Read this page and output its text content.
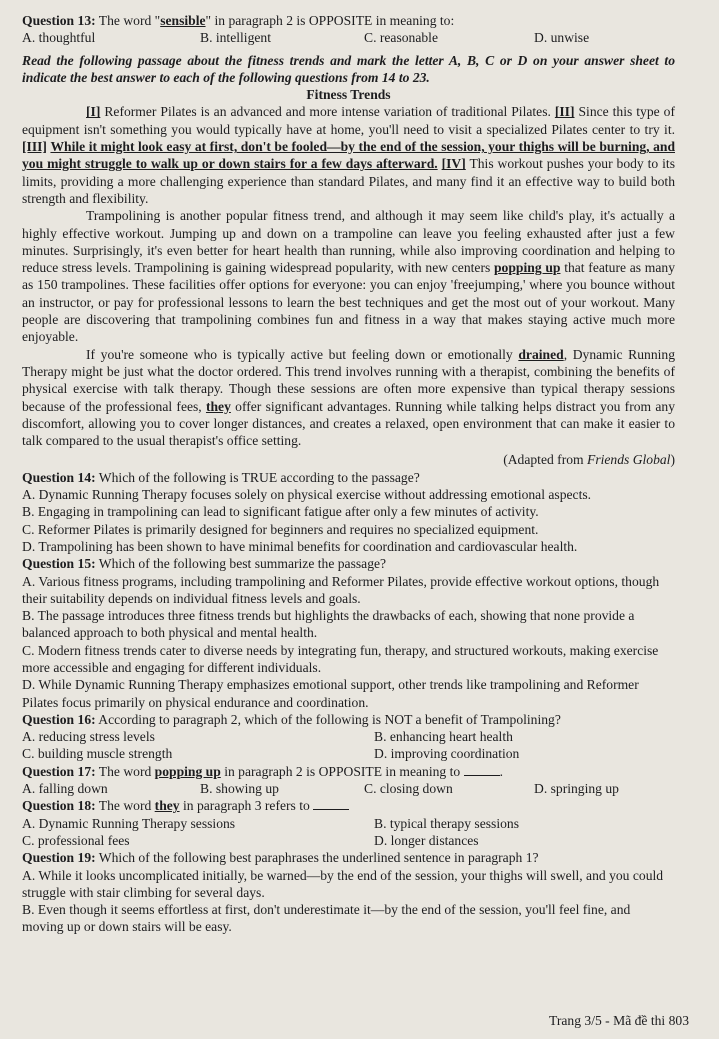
Question 13: The word "sensible" in paragraph 2 is OPPOSITE in meaning to:
A. thoughtful	B. intelligent	C. reasonable	D. unwise
Read the following passage about the fitness trends and mark the letter A, B, C or D on your answer sheet to indicate the best answer to each of the following questions from 14 to 23.
Fitness Trends

[I] Reformer Pilates is an advanced and more intense variation of traditional Pilates. [II] Since this type of equipment isn't something you would typically have at home, you'll need to visit a specialized Pilates center to try it. [III] While it might look easy at first, don't be fooled—by the end of the session, your thighs will be burning, and you might struggle to walk up or down stairs for a few days afterward. [IV] This workout pushes your body to its limits, providing a more challenging experience than standard Pilates, and many find it an effective way to build both strength and flexibility.

Trampolining is another popular fitness trend, and although it may seem like child's play, it's actually a highly effective workout. Jumping up and down on a trampoline can leave you feeling exhausted after just a few minutes. Surprisingly, it's even better for heart health than running, while also improving coordination and helping to reduce stress levels. Trampolining is gaining widespread popularity, with new centers popping up that feature as many as 150 trampolines. These facilities offer options for everyone: you can enjoy 'freejumping,' where you bounce without an instructor, or pay for professional lessons to learn the best techniques and get the most out of your workout. Many people are discovering that trampolining combines fun and fitness in a way that makes staying active much more enjoyable.

If you're someone who is typically active but feeling down or emotionally drained, Dynamic Running Therapy might be just what the doctor ordered. This trend involves running with a therapist, combining the benefits of physical exercise with talk therapy. Though these sessions are often more expensive than typical therapy sessions because of the professional fees, they offer significant advantages. Running while talking helps distract you from any discomfort, allowing you to cover longer distances, and creates a relaxed, open environment that can make it easier to talk compared to the usual therapist's office setting.

(Adapted from Friends Global)
Question 14: Which of the following is TRUE according to the passage?
A. Dynamic Running Therapy focuses solely on physical exercise without addressing emotional aspects.
B. Engaging in trampolining can lead to significant fatigue after only a few minutes of activity.
C. Reformer Pilates is primarily designed for beginners and requires no specialized equipment.
D. Trampolining has been shown to have minimal benefits for coordination and cardiovascular health.
Question 15: Which of the following best summarize the passage?
A. Various fitness programs, including trampolining and Reformer Pilates, provide effective workout options, though their suitability depends on individual fitness levels and goals.
B. The passage introduces three fitness trends but highlights the drawbacks of each, showing that none provide a balanced approach to both physical and mental health.
C. Modern fitness trends cater to diverse needs by integrating fun, therapy, and structured workouts, making exercise more accessible and engaging for different individuals.
D. While Dynamic Running Therapy emphasizes emotional support, other trends like trampolining and Reformer Pilates focus primarily on physical endurance and coordination.
Question 16: According to paragraph 2, which of the following is NOT a benefit of Trampolining?
A. reducing stress levels	B. enhancing heart health
C. building muscle strength	D. improving coordination
Question 17: The word popping up in paragraph 2 is OPPOSITE in meaning to	.
A. falling down	B. showing up	C. closing down	D. springing up
Question 18: The word they in paragraph 3 refers to
A. Dynamic Running Therapy sessions	B. typical therapy sessions
C. professional fees	D. longer distances
Question 19: Which of the following best paraphrases the underlined sentence in paragraph 1?
A. While it looks uncomplicated initially, be warned—by the end of the session, your thighs will swell, and you could struggle with stair climbing for several days.
B. Even though it seems effortless at first, don't underestimate it—by the end of the session, you'll feel fine, and moving up or down stairs will be easy.
Trang 3/5 - Mã đề thi 803
